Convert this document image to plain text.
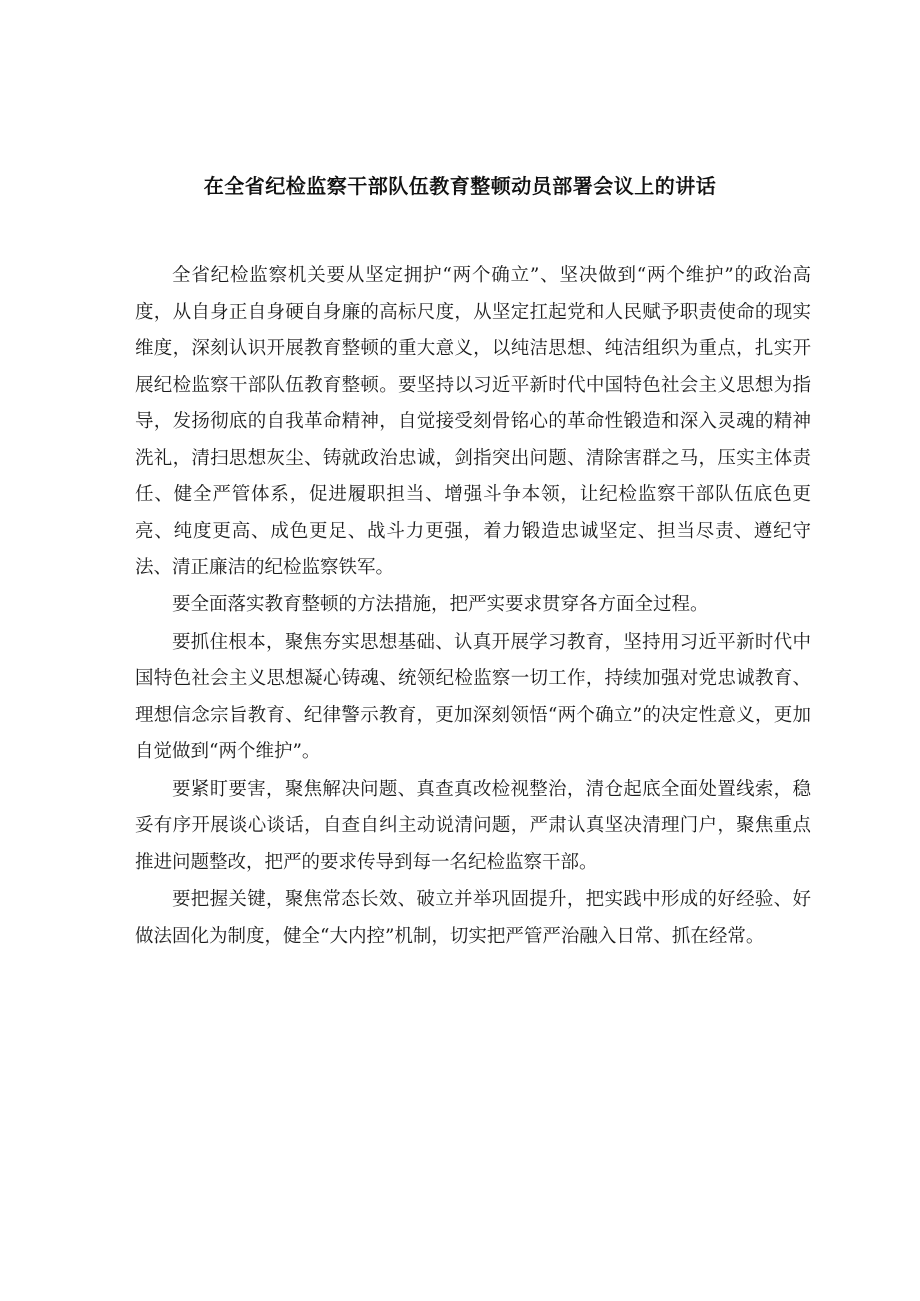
在全省纪检监察干部队伍教育整顿动员部署会议上的讲话

全省纪检监察机关要从坚定拥护“两个确立”、坚决做到“两个维护”的政治高度，从自身正自身硬自身廉的高标尺度，从坚定扛起党和人民赋予职责使命的现实维度，深刻认识开展教育整顿的重大意义，以纯洁思想、纯洁组织为重点，扎实开展纪检监察干部队伍教育整顿。要坚持以习近平新时代中国特色社会主义思想为指导，发扬彻底的自我革命精神，自觉接受刻骨铭心的革命性锻造和深入灵魂的精神洗礼，清扫思想灰尘、铸就政治忠诚，剑指突出问题、清除害群之马，压实主体责任、健全严管体系，促进履职担当、增强斗争本领，让纪检监察干部队伍底色更亮、纯度更高、成色更足、战斗力更强，着力锻造忠诚坚定、担当尽责、遵纪守法、清正廉洁的纪检监察铁军。

要全面落实教育整顿的方法措施，把严实要求贯穿各方面全过程。

要抓住根本，聚焦夯实思想基础、认真开展学习教育，坚持用习近平新时代中国特色社会主义思想凝心铸魂、统领纪检监察一切工作，持续加强对党忠诚教育、理想信念宗旨教育、纪律警示教育，更加深刻领悟“两个确立”的决定性意义，更加自觉做到“两个维护”。

要紧盯要害，聚焦解决问题、真查真改检视整治，清仓起底全面处置线索，稳妥有序开展谈心谈话，自查自纠主动说清问题，严肃认真坚决清理门户，聚焦重点推进问题整改，把严的要求传导到每一名纪检监察干部。

要把握关键，聚焦常态长效、破立并举巩固提升，把实践中形成的好经验、好做法固化为制度，健全“大内控”机制，切实把严管严治融入日常、抓在经常。
